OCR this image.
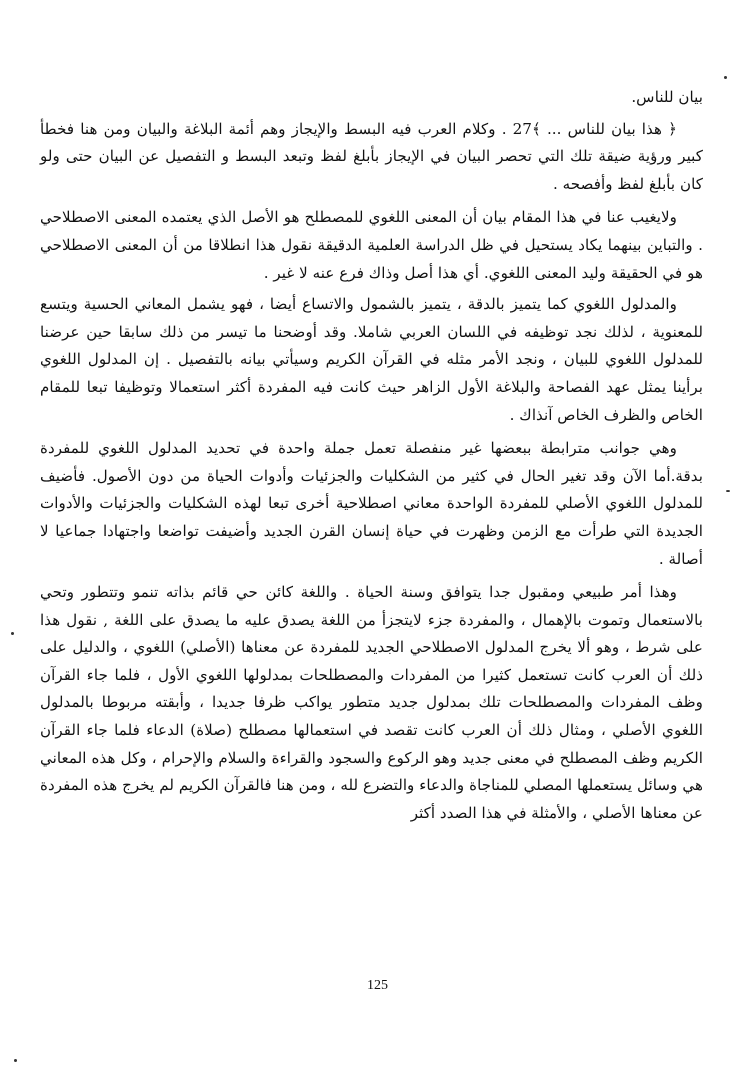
بيان للناس.

﴿ هذا بيان للناس ... ﴾27 . وكلام العرب فيه البسط والإيجاز وهم أئمة البلاغة والبيان ومن هنا فخطأ كبير ورؤية ضيقة تلك التي تحصر البيان في الإيجاز بأبلغ لفظ وتبعد البسط و التفصيل عن البيان حتى ولو كان بأبلغ لفظ وأفصحه .

ولايغيب عنا في هذا المقام بيان أن المعنى اللغوي للمصطلح هو الأصل الذي يعتمده المعنى الاصطلاحي . والتباين بينهما يكاد يستحيل في ظل الدراسة العلمية الدقيقة نقول هذا انطلاقا من أن المعنى الاصطلاحي هو في الحقيقة وليد المعنى اللغوي. أي هذا أصل وذاك فرع عنه لا غير .

والمدلول اللغوي كما يتميز بالدقة ، يتميز بالشمول والاتساع أيضا ، فهو يشمل المعاني الحسية ويتسع للمعنوية ، لذلك نجد توظيفه في اللسان العربي شاملا. وقد أوضحنا ما تيسر من ذلك سابقا حين عرضنا للمدلول اللغوي للبيان ، ونجد الأمر مثله في القرآن الكريم وسيأتي بيانه بالتفصيل . إن المدلول اللغوي برأينا يمثل عهد الفصاحة والبلاغة الأول الزاهر حيث كانت فيه المفردة أكثر استعمالا وتوظيفا تبعا للمقام الخاص والظرف الخاص آنذاك .

وهي جوانب مترابطة ببعضها غير منفصلة تعمل جملة واحدة في تحديد المدلول اللغوي للمفردة بدقة.أما الآن وقد تغير الحال في كثير من الشكليات والجزئيات وأدوات الحياة من دون الأصول. فأضيف للمدلول اللغوي الأصلي للمفردة الواحدة معاني اصطلاحية أخرى تبعا لهذه الشكليات والجزئيات والأدوات الجديدة التي طرأت مع الزمن وظهرت في حياة إنسان القرن الجديد وأضيفت تواضعا واجتهادا جماعيا لا أصالة .

وهذا أمر طبيعي ومقبول جدا يتوافق وسنة الحياة . واللغة كائن حي قائم بذاته تنمو وتتطور وتحي بالاستعمال وتموت بالإهمال ، والمفردة جزء لايتجزأ من اللغة يصدق عليه ما يصدق على اللغة , نقول هذا على شرط ، وهو ألا يخرج المدلول الاصطلاحي الجديد للمفردة عن معناها (الأصلي) اللغوي ، والدليل على ذلك أن العرب كانت تستعمل كثيرا من المفردات والمصطلحات بمدلولها اللغوي الأول ، فلما جاء القرآن وظف المفردات والمصطلحات تلك بمدلول جديد متطور يواكب ظرفا جديدا ، وأبقته مربوطا بالمدلول اللغوي الأصلي ، ومثال ذلك أن العرب كانت تقصد في استعمالها مصطلح (صلاة) الدعاء فلما جاء القرآن الكريم وظف المصطلح في معنى جديد وهو الركوع والسجود والقراءة والسلام والإحرام ، وكل هذه المعاني هي وسائل يستعملها المصلي للمناجاة والدعاء والتضرع لله ، ومن هنا فالقرآن الكريم لم يخرج هذه المفردة عن معناها الأصلي ، والأمثلة في هذا الصدد أكثر

125
